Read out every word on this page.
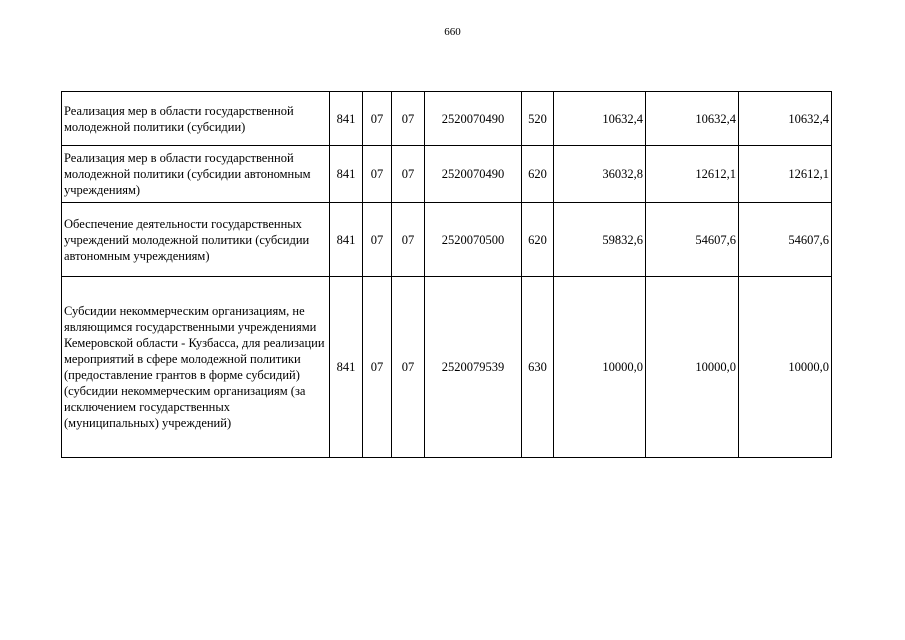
660
Реализация мер в области государственной молодежной политики (субсидии)	841	07	07	2520070490	520	10632,4	10632,4	10632,4
Реализация мер в области государственной молодежной политики (субсидии автономным учреждениям)	841	07	07	2520070490	620	36032,8	12612,1	12612,1
Обеспечение деятельности государственных учреждений молодежной политики (субсидии автономным учреждениям)	841	07	07	2520070500	620	59832,6	54607,6	54607,6
Субсидии некоммерческим организациям, не являющимся государственными учреждениями Кемеровской области - Кузбасса, для реализации мероприятий в сфере молодежной политики (предоставление грантов в форме субсидий) (субсидии некоммерческим организациям (за исключением государственных (муниципальных) учреждений)	841	07	07	2520079539	630	10000,0	10000,0	10000,0
